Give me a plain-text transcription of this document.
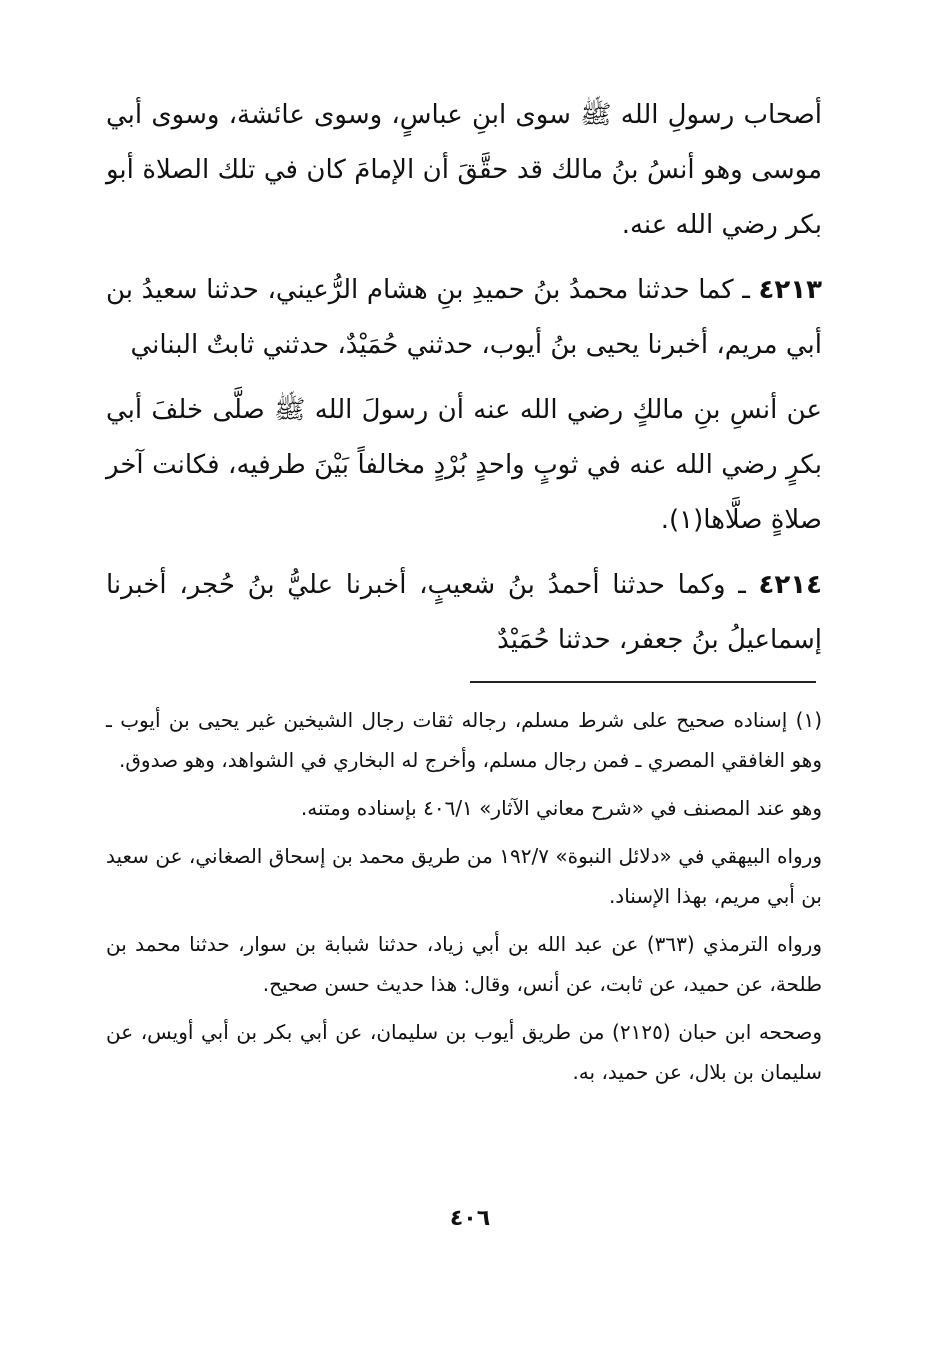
أصحاب رسولِ الله ﷺ سوى ابنِ عباسٍ، وسوى عائشة، وسوى أبي موسى وهو أنسُ بنُ مالك قد حقَّقَ أن الإمامَ كان في تلك الصلاة أبو بكر رضي الله عنه.

٤٢١٣ ـ كما حدثنا محمدُ بنُ حميدِ بنِ هشام الرُّعيني، حدثنا سعيدُ بن أبي مريم، أخبرنا يحيى بنُ أيوب، حدثني حُمَيْدٌ، حدثني ثابتٌ البناني

عن أنسِ بنِ مالكٍ رضي الله عنه أن رسولَ الله ﷺ صلَّى خلفَ أبي بكرٍ رضي الله عنه في ثوبٍ واحدٍ بُرْدٍ مخالفاً بَيْنَ طرفيه، فكانت آخر صلاةٍ صلَّاها(١).

٤٢١٤ ـ وكما حدثنا أحمدُ بنُ شعيبٍ، أخبرنا عليُّ بنُ حُجر، أخبرنا إسماعيلُ بنُ جعفر، حدثنا حُمَيْدٌ

(١) إسناده صحيح على شرط مسلم، رجاله ثقات رجال الشيخين غير يحيى بن أيوب ـ وهو الغافقي المصري ـ فمن رجال مسلم، وأخرج له البخاري في الشواهد، وهو صدوق.

وهو عند المصنف في «شرح معاني الآثار» ٤٠٦/١ بإسناده ومتنه.

ورواه البيهقي في «دلائل النبوة» ١٩٢/٧ من طريق محمد بن إسحاق الصغاني، عن سعيد بن أبي مريم، بهذا الإسناد.

ورواه الترمذي (٣٦٣) عن عبد الله بن أبي زياد، حدثنا شبابة بن سوار، حدثنا محمد بن طلحة، عن حميد، عن ثابت، عن أنس، وقال: هذا حديث حسن صحيح.

وصححه ابن حبان (٢١٢٥) من طريق أيوب بن سليمان، عن أبي بكر بن أبي أويس، عن سليمان بن بلال، عن حميد، به.

٤٠٦
